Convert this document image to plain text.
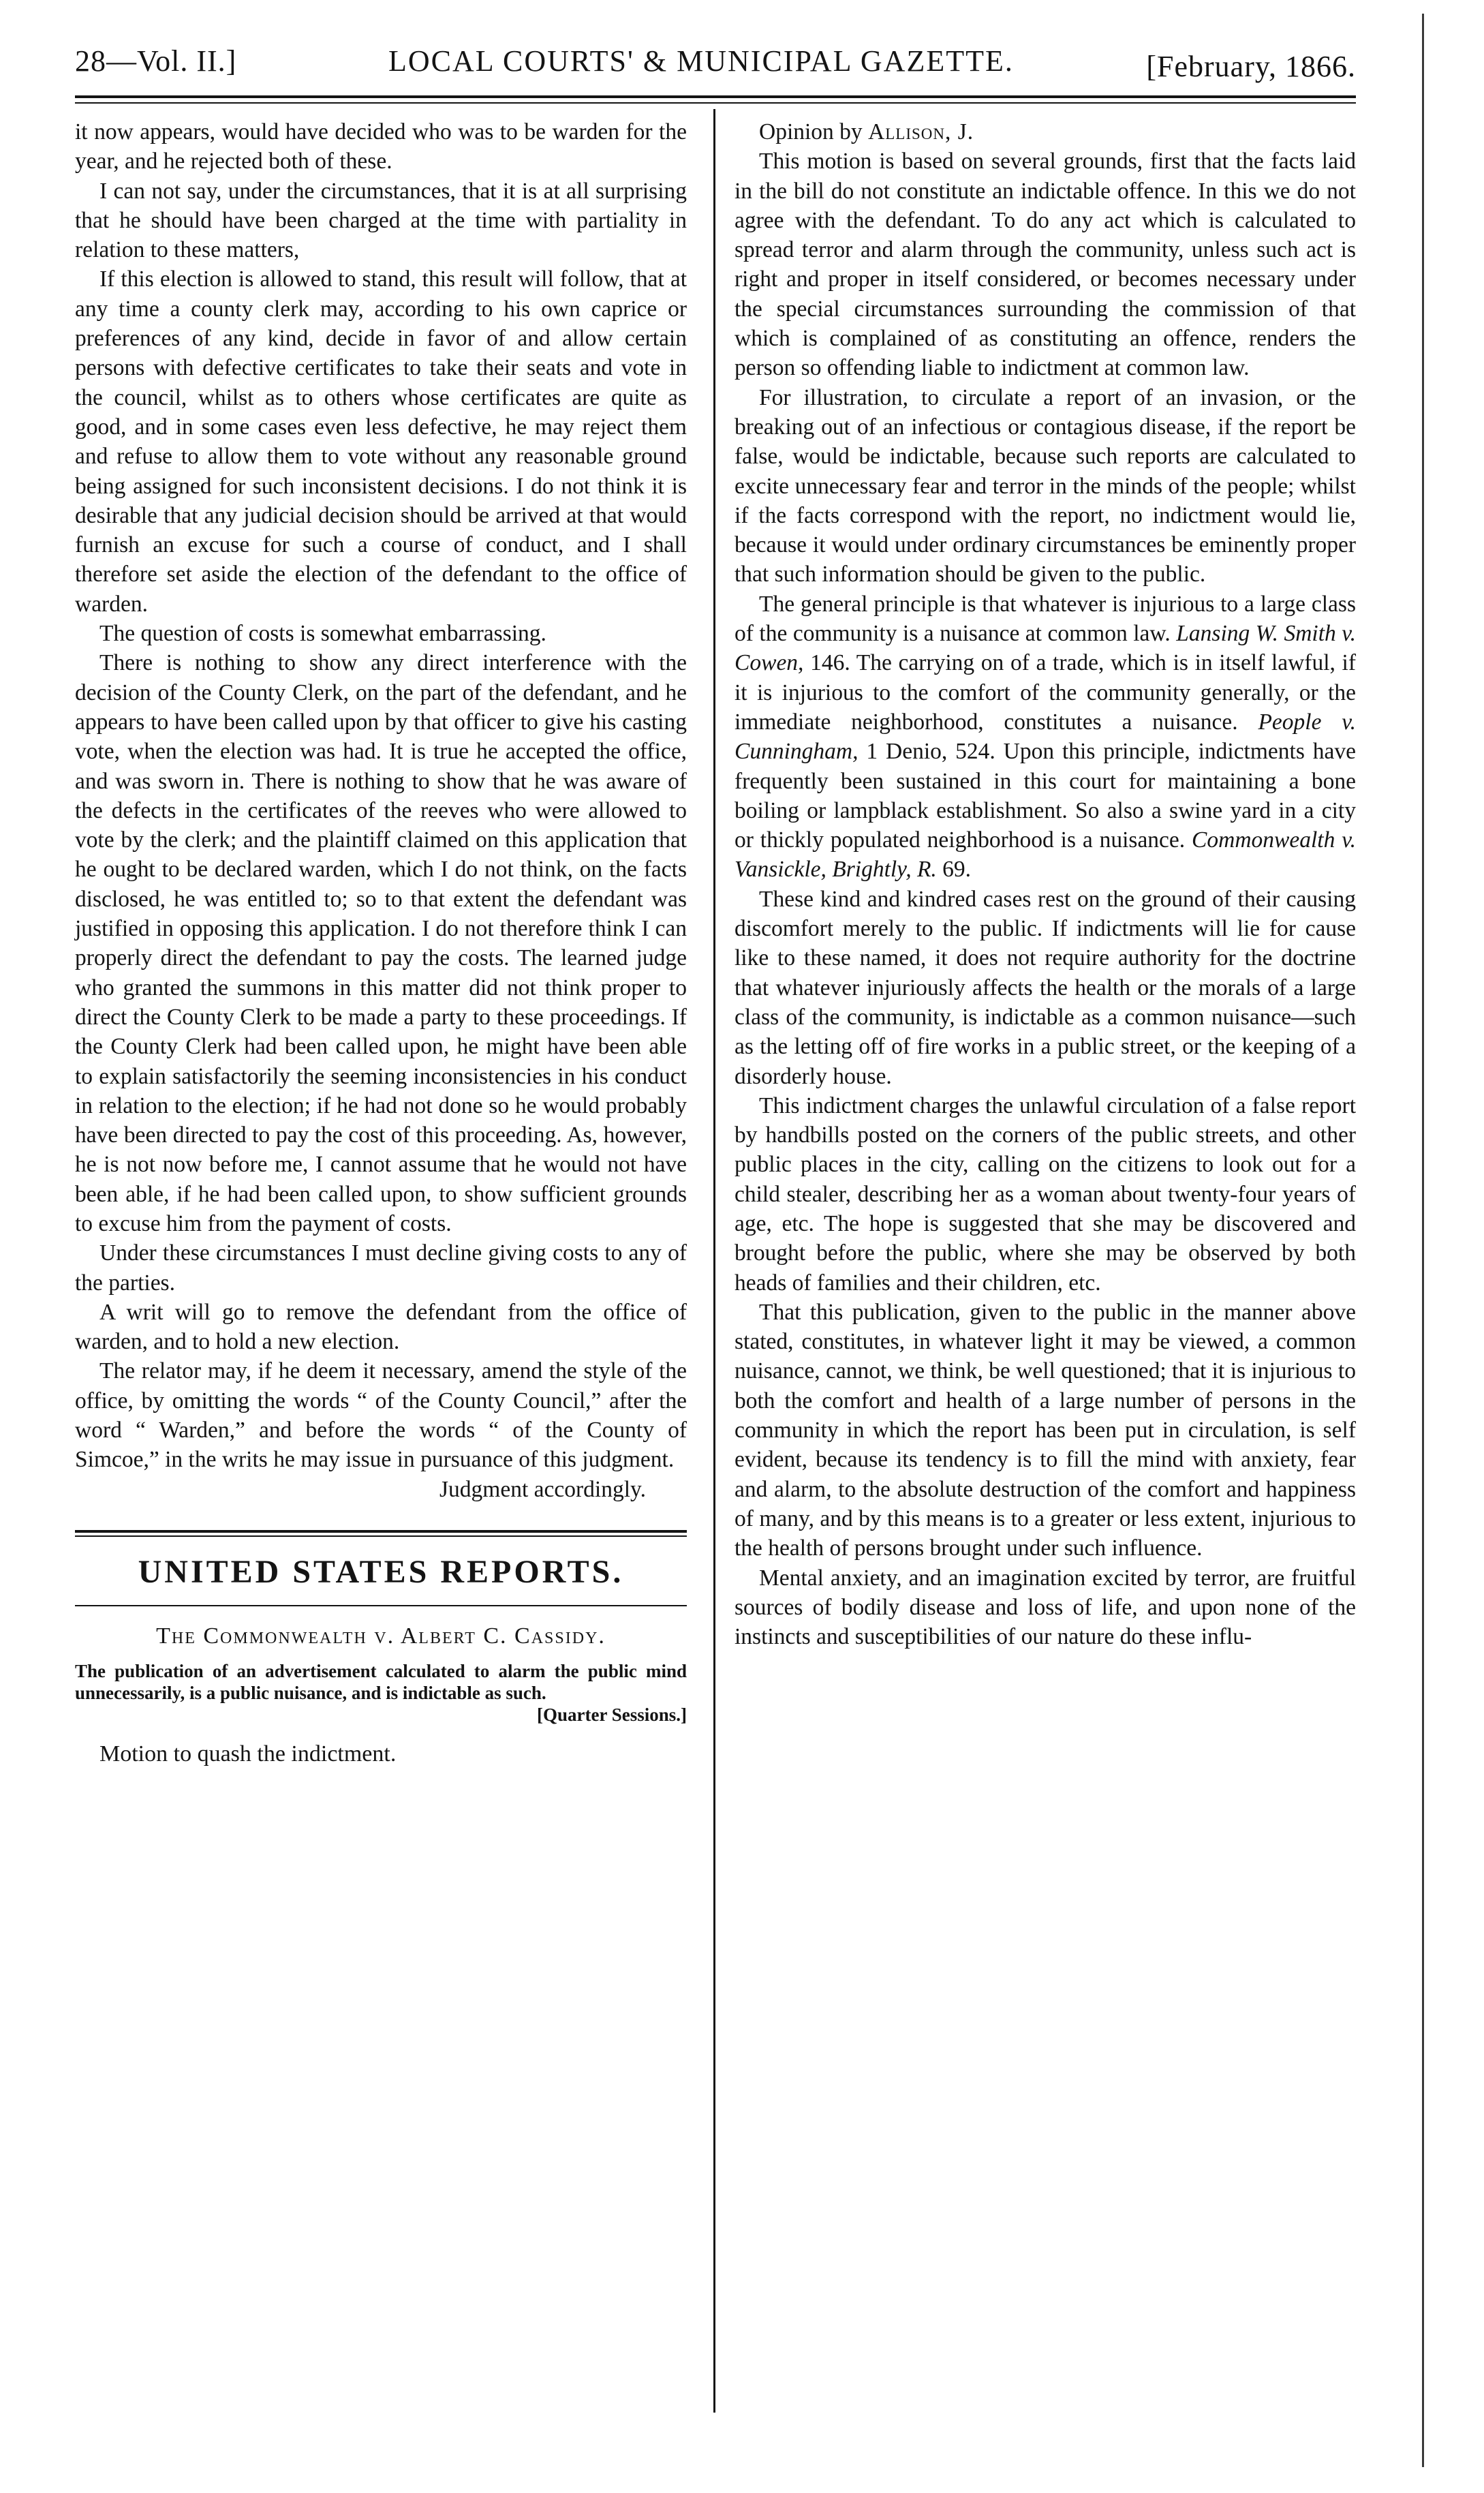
28—Vol. II.]	LOCAL COURTS' & MUNICIPAL GAZETTE.	[February, 1866.

it now appears, would have decided who was to be warden for the year, and he rejected both of these.

I can not say, under the circumstances, that it is at all surprising that he should have been charged at the time with partiality in relation to these matters,

If this election is allowed to stand, this result will follow, that at any time a county clerk may, according to his own caprice or preferences of any kind, decide in favor of and allow certain persons with defective certificates to take their seats and vote in the council, whilst as to others whose certificates are quite as good, and in some cases even less defective, he may reject them and refuse to allow them to vote without any reasonable ground being assigned for such inconsistent decisions. I do not think it is desirable that any judicial decision should be arrived at that would furnish an excuse for such a course of conduct, and I shall therefore set aside the election of the defendant to the office of warden.

The question of costs is somewhat embarrassing.

There is nothing to show any direct interference with the decision of the County Clerk, on the part of the defendant, and he appears to have been called upon by that officer to give his casting vote, when the election was had. It is true he accepted the office, and was sworn in. There is nothing to show that he was aware of the defects in the certificates of the reeves who were allowed to vote by the clerk; and the plaintiff claimed on this application that he ought to be declared warden, which I do not think, on the facts disclosed, he was entitled to; so to that extent the defendant was justified in opposing this application. I do not therefore think I can properly direct the defendant to pay the costs. The learned judge who granted the summons in this matter did not think proper to direct the County Clerk to be made a party to these proceedings. If the County Clerk had been called upon, he might have been able to explain satisfactorily the seeming inconsistencies in his conduct in relation to the election; if he had not done so he would probably have been directed to pay the cost of this proceeding. As, however, he is not now before me, I cannot assume that he would not have been able, if he had been called upon, to show sufficient grounds to excuse him from the payment of costs.

Under these circumstances I must decline giving costs to any of the parties.

A writ will go to remove the defendant from the office of warden, and to hold a new election.

The relator may, if he deem it necessary, amend the style of the office, by omitting the words “ of the County Council,” after the word “ Warden,” and before the words “ of the County of Simcoe,” in the writs he may issue in pursuance of this judgment.

Judgment accordingly.

UNITED STATES REPORTS.
The Commonwealth v. Albert C. Cassidy.
The publication of an advertisement calculated to alarm the public mind unnecessarily, is a public nuisance, and is indictable as such.
[Quarter Sessions.]
Motion to quash the indictment.

Opinion by Allison, J.

This motion is based on several grounds, first that the facts laid in the bill do not constitute an indictable offence. In this we do not agree with the defendant. To do any act which is calculated to spread terror and alarm through the community, unless such act is right and proper in itself considered, or becomes necessary under the special circumstances surrounding the commission of that which is complained of as constituting an offence, renders the person so offending liable to indictment at common law.

For illustration, to circulate a report of an invasion, or the breaking out of an infectious or contagious disease, if the report be false, would be indictable, because such reports are calculated to excite unnecessary fear and terror in the minds of the people; whilst if the facts correspond with the report, no indictment would lie, because it would under ordinary circumstances be eminently proper that such information should be given to the public.

The general principle is that whatever is injurious to a large class of the community is a nuisance at common law. Lansing W. Smith v. Cowen, 146. The carrying on of a trade, which is in itself lawful, if it is injurious to the comfort of the community generally, or the immediate neighborhood, constitutes a nuisance. People v. Cunningham, 1 Denio, 524. Upon this principle, indictments have frequently been sustained in this court for maintaining a bone boiling or lampblack establishment. So also a swine yard in a city or thickly populated neighborhood is a nuisance. Commonwealth v. Vansickle, Brightly, R. 69.

These kind and kindred cases rest on the ground of their causing discomfort merely to the public. If indictments will lie for cause like to these named, it does not require authority for the doctrine that whatever injuriously affects the health or the morals of a large class of the community, is indictable as a common nuisance—such as the letting off of fire works in a public street, or the keeping of a disorderly house.

This indictment charges the unlawful circulation of a false report by handbills posted on the corners of the public streets, and other public places in the city, calling on the citizens to look out for a child stealer, describing her as a woman about twenty-four years of age, etc. The hope is suggested that she may be discovered and brought before the public, where she may be observed by both heads of families and their children, etc.

That this publication, given to the public in the manner above stated, constitutes, in whatever light it may be viewed, a common nuisance, cannot, we think, be well questioned; that it is injurious to both the comfort and health of a large number of persons in the community in which the report has been put in circulation, is self evident, because its tendency is to fill the mind with anxiety, fear and alarm, to the absolute destruction of the comfort and happiness of many, and by this means is to a greater or less extent, injurious to the health of persons brought under such influence.

Mental anxiety, and an imagination excited by terror, are fruitful sources of bodily disease and loss of life, and upon none of the instincts and susceptibilities of our nature do these influ-
